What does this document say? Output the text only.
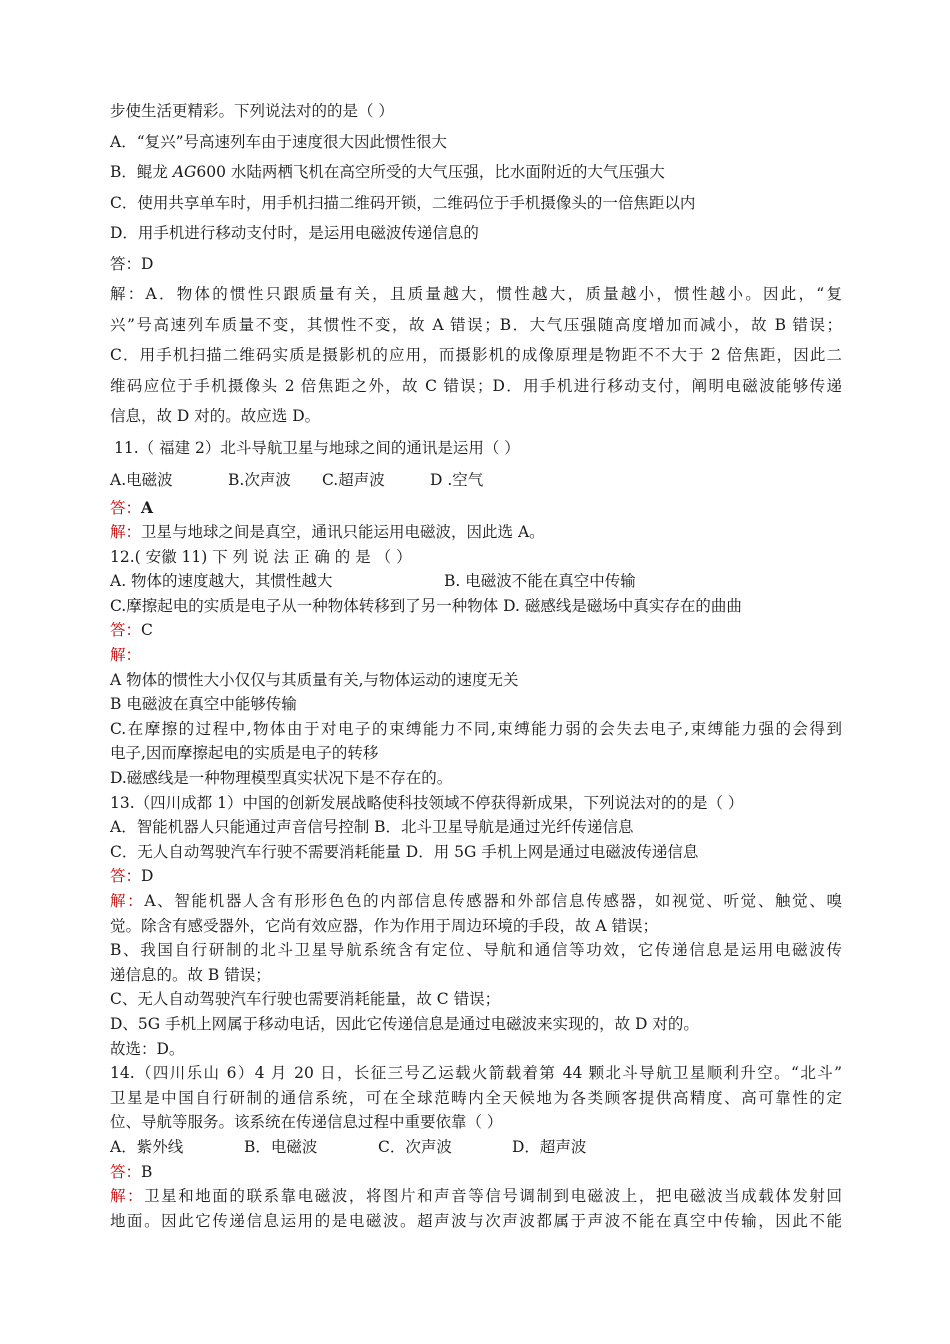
步使生活更精彩。下列说法对的的是（ ）
A．“复兴”号高速列车由于速度很大因此惯性很大
B．鲲龙 AG600 水陆两栖飞机在高空所受的大气压强，比水面附近的大气压强大
C．使用共享单车时，用手机扫描二维码开锁，二维码位于手机摄像头的一倍焦距以内
D．用手机进行移动支付时，是运用电磁波传递信息的
答：D
解：A．物体的惯性只跟质量有关，且质量越大，惯性越大，质量越小，惯性越小。因此，“复
兴”号高速列车质量不变，其惯性不变，故 A 错误；B．大气压强随高度增加而减小，故 B 错误；
C．用手机扫描二维码实质是摄影机的应用，而摄影机的成像原理是物距不不大于 2 倍焦距，因此二
维码应位于手机摄像头 2 倍焦距之外，故 C 错误；D．用手机进行移动支付，阐明电磁波能够传递
信息，故 D 对的。故应选 D。
11.（ 福建 2）北斗导航卫星与地球之间的通讯是运用（ ）
A.电磁波	B.次声波	C.超声波	D .空气
答：A
解：卫星与地球之间是真空，通讯只能运用电磁波，因此选 A。
12.( 安徽 11) 下 列 说 法 正 确 的 是 （ ）
A. 物体的速度越大，其惯性越大	B. 电磁波不能在真空中传输
C.摩擦起电的实质是电子从一种物体转移到了另一种物体 D. 磁感线是磁场中真实存在的曲曲
答：C
解：
A 物体的惯性大小仅仅与其质量有关,与物体运动的速度无关
B 电磁波在真空中能够传输
C.在摩擦的过程中,物体由于对电子的束缚能力不同,束缚能力弱的会失去电子,束缚能力强的会得到
电子,因而摩擦起电的实质是电子的转移
D.磁感线是一种物理模型真实状况下是不存在的。
13.（四川成都 1）中国的创新发展战略使科技领域不停获得新成果，下列说法对的的是（ ）
A．智能机器人只能通过声音信号控制 B．北斗卫星导航是通过光纤传递信息
C．无人自动驾驶汽车行驶不需要消耗能量 D．用 5G 手机上网是通过电磁波传递信息
答：D
解：A、智能机器人含有形形色色的内部信息传感器和外部信息传感器，如视觉、听觉、触觉、嗅
觉。除含有感受器外，它尚有效应器，作为作用于周边环境的手段，故 A 错误；
B、我国自行研制的北斗卫星导航系统含有定位、导航和通信等功效，它传递信息是运用电磁波传
递信息的。故 B 错误；
C、无人自动驾驶汽车行驶也需要消耗能量，故 C 错误；
D、5G 手机上网属于移动电话，因此它传递信息是通过电磁波来实现的，故 D 对的。
故选：D。
14.（四川乐山 6）4 月 20 日，长征三号乙运载火箭载着第 44 颗北斗导航卫星顺利升空。“北斗”
卫星是中国自行研制的通信系统，可在全球范畴内全天候地为各类顾客提供高精度、高可靠性的定
位、导航等服务。该系统在传递信息过程中重要依靠（ ）
A．紫外线	B．电磁波	C．次声波	D．超声波
答：B
解：卫星和地面的联系靠电磁波，将图片和声音等信号调制到电磁波上，把电磁波当成载体发射回
地面。因此它传递信息运用的是电磁波。超声波与次声波都属于声波不能在真空中传输，因此不能
